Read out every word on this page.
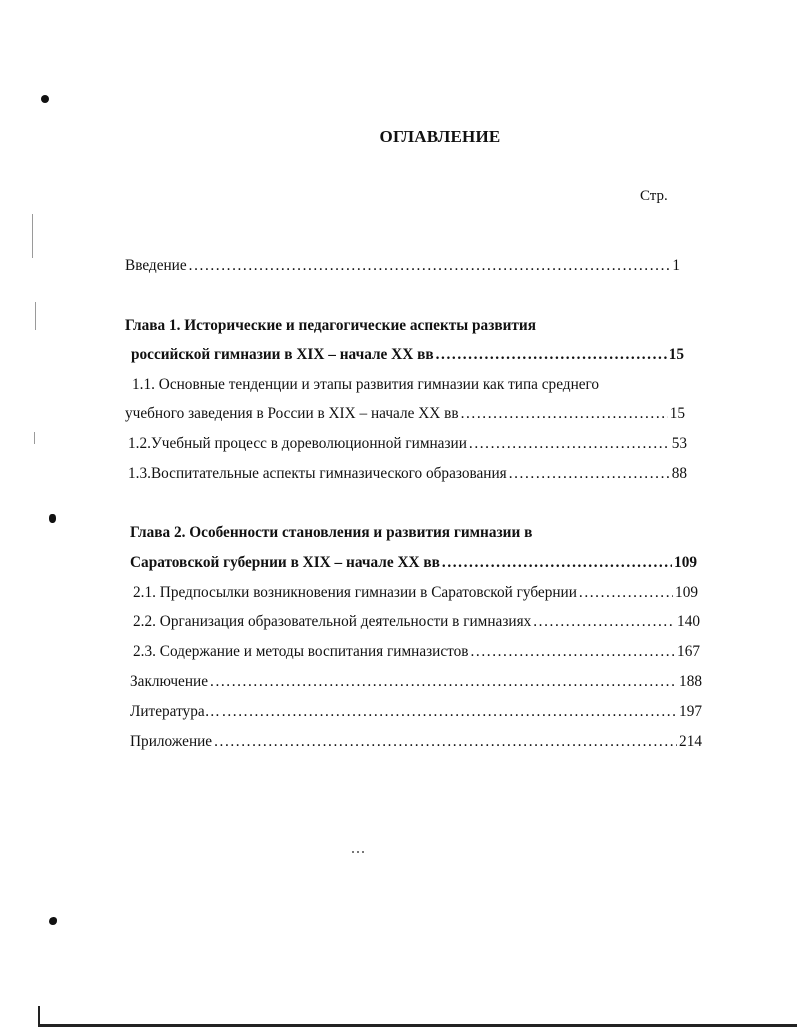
ОГЛАВЛЕНИЕ
Стр.
Введение .....	1
Глава 1. Исторические и педагогические аспекты развития
российской гимназии в XIX – начале XX вв .....	15
1.1. Основные тенденции и этапы развития гимназии как типа среднего
учебного заведения в России в XIX – начале XX вв .....	15
1.2.Учебный процесс в дореволюционной гимназии .....	53
1.3.Воспитательные аспекты гимназического образования .....	88
Глава 2. Особенности становления и развития гимназии в
Саратовской губернии в XIX – начале XX вв .....	109
2.1. Предпосылки возникновения гимназии в Саратовской губернии .....	109
2.2. Организация образовательной деятельности в гимназиях .....	140
2.3. Содержание и методы воспитания гимназистов .....	167
Заключение .....	188
Литература… .....	197
Приложение .....	214
